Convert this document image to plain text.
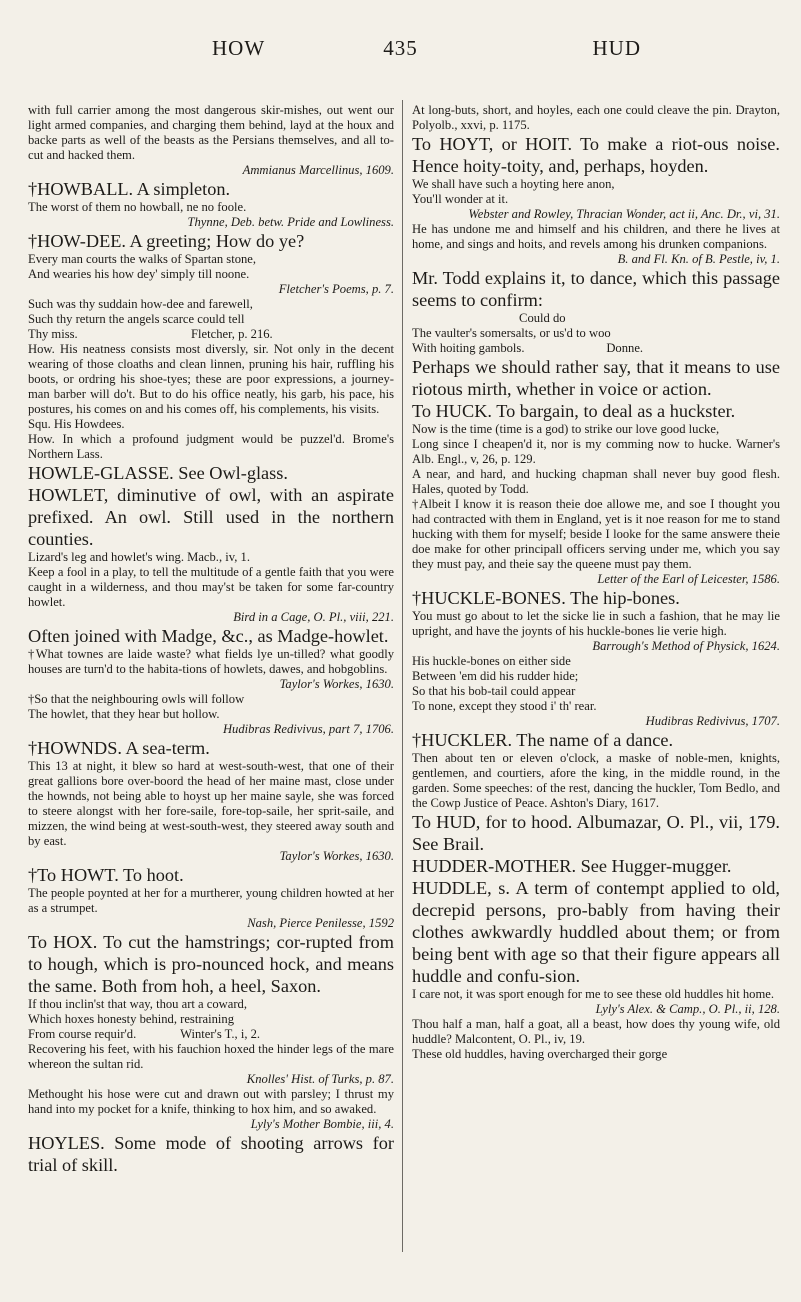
HOW	435	HUD
with full carrier among the most dangerous skir-mishes, out went our light armed companies, and charging them behind, layd at the houx and backe parts as well of the beasts as the Persians themselves, and all to-cut and hacked them.
Ammianus Marcellinus, 1609.
†HOWBALL. A simpleton.
The worst of them no howball, ne no foole.
Thynne, Deb. betw. Pride and Lowliness.
†HOW-DEE. A greeting; How do ye?
Every man courts the walks of Spartan stone,
And wearies his how dey' simply till noone.
Fletcher's Poems, p. 7.
Such was thy suddain how-dee and farewell,
Such thy return the angels scarce could tell
Thy miss.                                    Fletcher, p. 216.
How. His neatness consists most diversly, sir. Not only in the decent wearing of those cloaths and clean linnen, pruning his hair, ruffling his boots, or ordring his shoe-tyes; these are poor expressions, a journey-man barber will do't. But to do his office neatly, his garb, his pace, his postures, his comes on and his comes off, his complements, his visits.
Squ. His Howdees.
How. In which a profound judgment would be puzzel'd. Brome's Northern Lass.
HOWLE-GLASSE. See Owl-glass.
HOWLET, diminutive of owl, with an aspirate prefixed. An owl. Still used in the northern counties.
Lizard's leg and howlet's wing. Macb., iv, 1.
Keep a fool in a play, to tell the multitude of a gentle faith that you were caught in a wilderness, and thou may'st be taken for some far-country howlet.
Bird in a Cage, O. Pl., viii, 221.
Often joined with Madge, &c., as Madge-howlet.
†What townes are laide waste? what fields lye un-tilled? what goodly houses are turn'd to the habita-tions of howlets, dawes, and hobgoblins.
Taylor's Workes, 1630.
†So that the neighbouring owls will follow
The howlet, that they hear but hollow.
Hudibras Redivivus, part 7, 1706.
†HOWNDS. A sea-term.
This 13 at night, it blew so hard at west-south-west, that one of their great gallions bore over-boord the head of her maine mast, close under the hownds, not being able to hoyst up her maine sayle, she was forced to steere alongst with her fore-saile, fore-top-saile, her sprit-saile, and mizzen, the wind being at west-south-west, they steered away south and by east.
Taylor's Workes, 1630.
†To HOWT. To hoot.
The people poynted at her for a murtherer, young children howted at her as a strumpet.
Nash, Pierce Penilesse, 1592
To HOX. To cut the hamstrings; cor-rupted from to hough, which is pro-nounced hock, and means the same. Both from hoh, a heel, Saxon.
If thou inclin'st that way, thou art a coward,
Which hoxes honesty behind, restraining
From course requir'd.              Winter's T., i, 2.
Recovering his feet, with his fauchion hoxed the hinder legs of the mare whereon the sultan rid.
Knolles' Hist. of Turks, p. 87.
Methought his hose were cut and drawn out with parsley; I thrust my hand into my pocket for a knife, thinking to hox him, and so awaked.
Lyly's Mother Bombie, iii, 4.
HOYLES. Some mode of shooting arrows for trial of skill.
At long-buts, short, and hoyles, each one could cleave the pin. Drayton, Polyolb., xxvi, p. 1175.
To HOYT, or HOIT. To make a riot-ous noise. Hence hoity-toity, and, perhaps, hoyden.
We shall have such a hoyting here anon,
You'll wonder at it.
Webster and Rowley, Thracian Wonder, act ii, Anc. Dr., vi, 31.
He has undone me and himself and his children, and there he lives at home, and sings and hoits, and revels among his drunken companions.
B. and Fl. Kn. of B. Pestle, iv, 1.
Mr. Todd explains it, to dance, which this passage seems to confirm:
Could do
The vaulter's somersalts, or us'd to woo
With hoiting gambols.                          Donne.
Perhaps we should rather say, that it means to use riotous mirth, whether in voice or action.
To HUCK. To bargain, to deal as a huckster.
Now is the time (time is a god) to strike our love good lucke,
Long since I cheapen'd it, nor is my comming now to hucke. Warner's Alb. Engl., v, 26, p. 129.
A near, and hard, and hucking chapman shall never buy good flesh. Hales, quoted by Todd.
†Albeit I know it is reason theie doe allowe me, and soe I thought you had contracted with them in England, yet is it noe reason for me to stand hucking with them for myself; beside I looke for the same answere theie doe make for other principall officers serving under me, which you say they must pay, and theie say the queene must pay them.
Letter of the Earl of Leicester, 1586.
†HUCKLE-BONES. The hip-bones.
You must go about to let the sicke lie in such a fashion, that he may lie upright, and have the joynts of his huckle-bones lie verie high.
Barrough's Method of Physick, 1624.
His huckle-bones on either side
Between 'em did his rudder hide;
So that his bob-tail could appear
To none, except they stood i' th' rear.
Hudibras Redivivus, 1707.
†HUCKLER. The name of a dance.
Then about ten or eleven o'clock, a maske of noble-men, knights, gentlemen, and courtiers, afore the king, in the middle round, in the garden. Some speeches: of the rest, dancing the huckler, Tom Bedlo, and the Cowp Justice of Peace. Ashton's Diary, 1617.
To HUD, for to hood. Albumazar, O. Pl., vii, 179. See Brail.
HUDDER-MOTHER. See Hugger-mugger.
HUDDLE, s. A term of contempt applied to old, decrepid persons, pro-bably from having their clothes awkwardly huddled about them; or from being bent with age so that their figure appears all huddle and confu-sion.
I care not, it was sport enough for me to see these old huddles hit home.
Lyly's Alex. & Camp., O. Pl., ii, 128.
Thou half a man, half a goat, all a beast, how does thy young wife, old huddle? Malcontent, O. Pl., iv, 19.
These old huddles, having overcharged their gorge
